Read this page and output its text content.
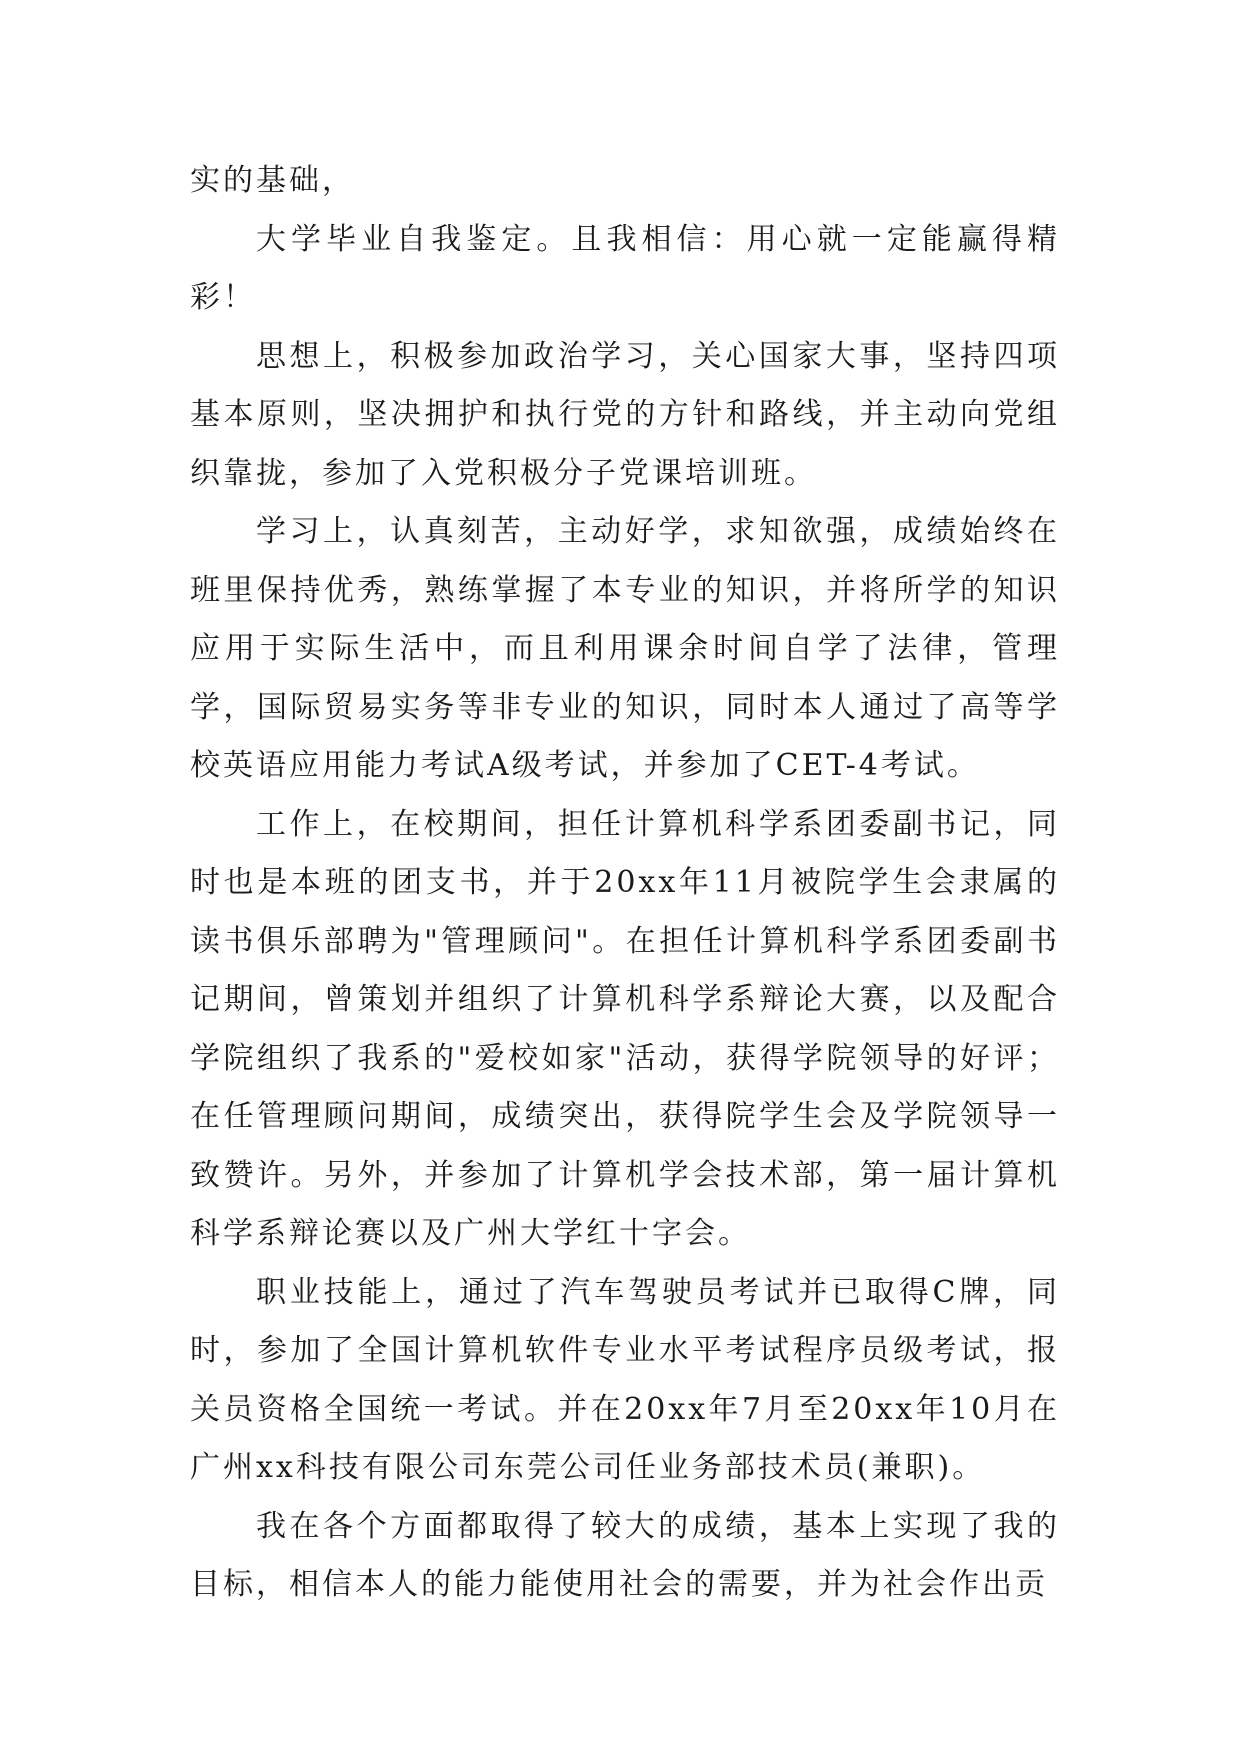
实的基础，

大学毕业自我鉴定。且我相信：用心就一定能赢得精彩！

思想上，积极参加政治学习，关心国家大事，坚持四项基本原则，坚决拥护和执行党的方针和路线，并主动向党组织靠拢，参加了入党积极分子党课培训班。

学习上，认真刻苦，主动好学，求知欲强，成绩始终在班里保持优秀，熟练掌握了本专业的知识，并将所学的知识应用于实际生活中，而且利用课余时间自学了法律，管理学，国际贸易实务等非专业的知识，同时本人通过了高等学校英语应用能力考试A级考试，并参加了CET-4考试。

工作上，在校期间，担任计算机科学系团委副书记，同时也是本班的团支书，并于20xx年11月被院学生会隶属的读书俱乐部聘为"管理顾问"。在担任计算机科学系团委副书记期间，曾策划并组织了计算机科学系辩论大赛，以及配合学院组织了我系的"爱校如家"活动，获得学院领导的好评；在任管理顾问期间，成绩突出，获得院学生会及学院领导一致赞许。另外，并参加了计算机学会技术部，第一届计算机科学系辩论赛以及广州大学红十字会。

职业技能上，通过了汽车驾驶员考试并已取得C牌，同时，参加了全国计算机软件专业水平考试程序员级考试，报关员资格全国统一考试。并在20xx年7月至20xx年10月在广州xx科技有限公司东莞公司任业务部技术员(兼职)。

我在各个方面都取得了较大的成绩，基本上实现了我的目标，相信本人的能力能使用社会的需要，并为社会作出贡
